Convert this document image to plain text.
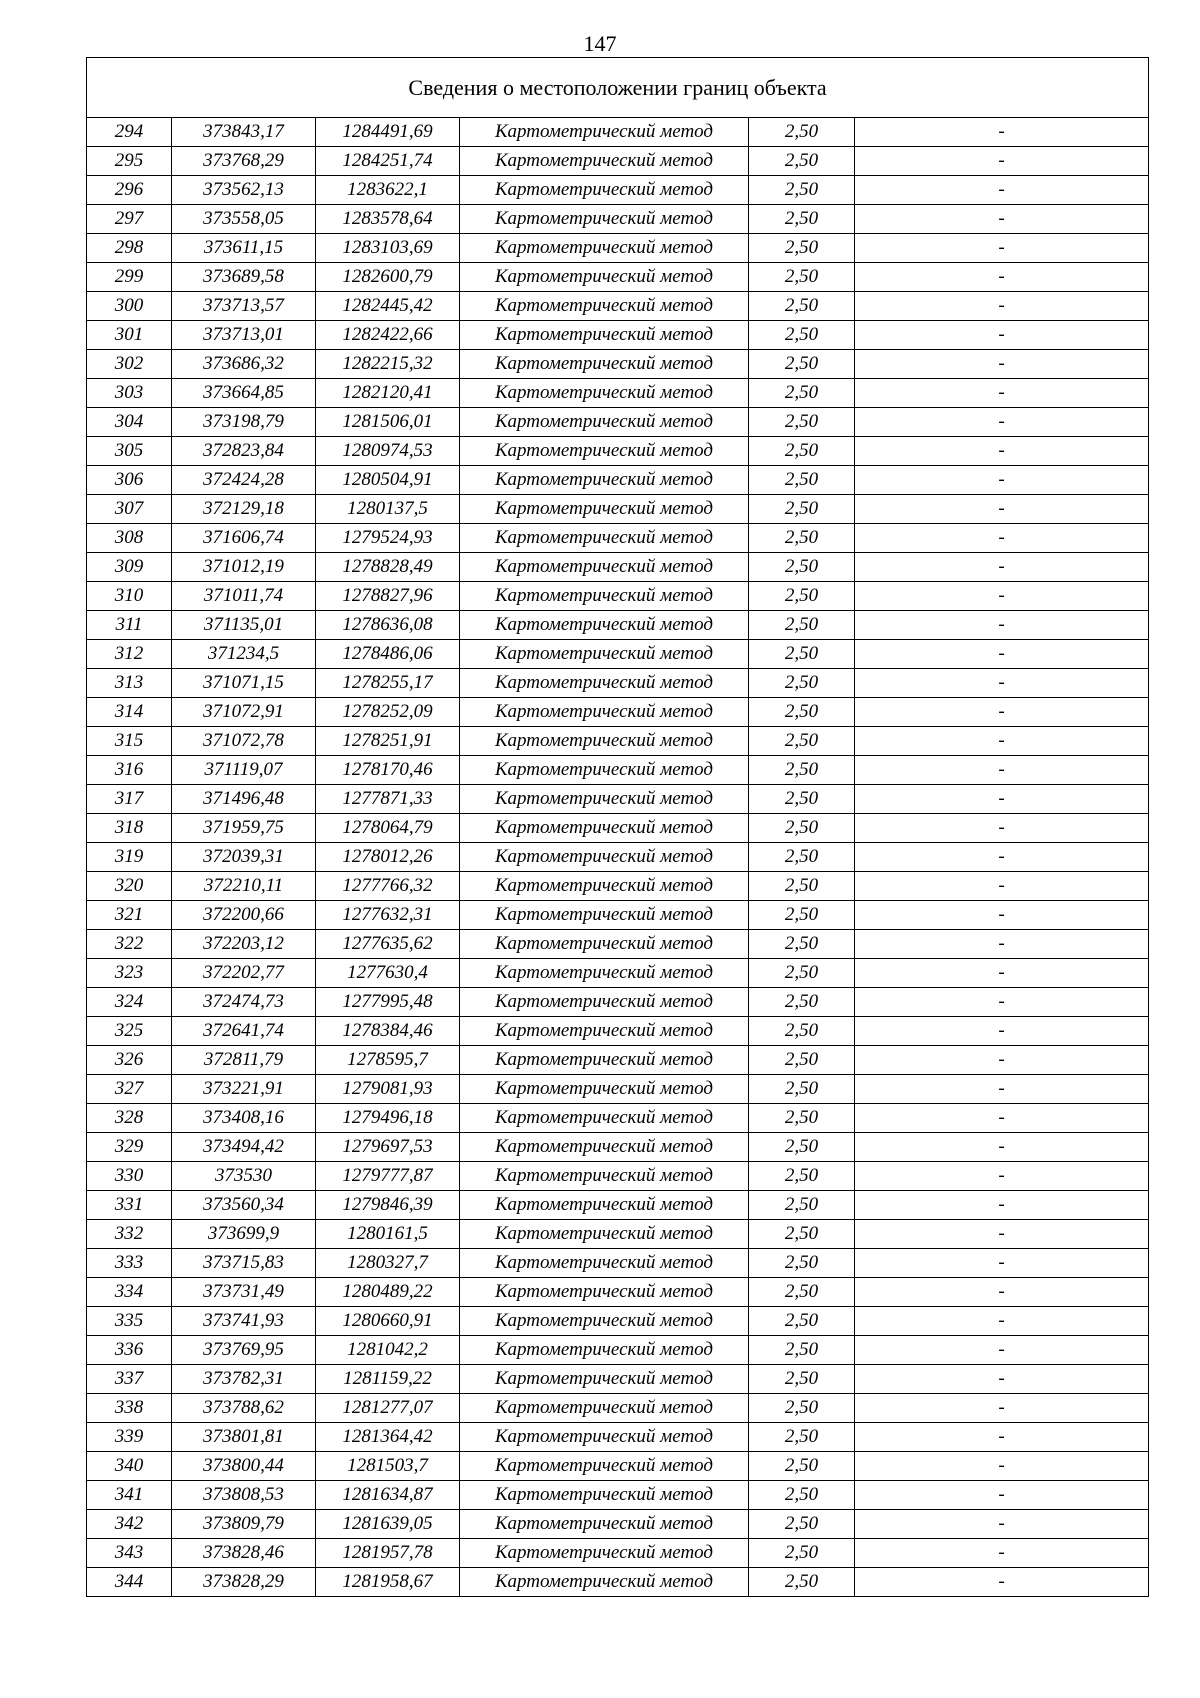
147
Сведения о местоположении границ объекта					
294	373843,17	1284491,69	Картометрический метод	2,50	-
295	373768,29	1284251,74	Картометрический метод	2,50	-
296	373562,13	1283622,1	Картометрический метод	2,50	-
297	373558,05	1283578,64	Картометрический метод	2,50	-
298	373611,15	1283103,69	Картометрический метод	2,50	-
299	373689,58	1282600,79	Картометрический метод	2,50	-
300	373713,57	1282445,42	Картометрический метод	2,50	-
301	373713,01	1282422,66	Картометрический метод	2,50	-
302	373686,32	1282215,32	Картометрический метод	2,50	-
303	373664,85	1282120,41	Картометрический метод	2,50	-
304	373198,79	1281506,01	Картометрический метод	2,50	-
305	372823,84	1280974,53	Картометрический метод	2,50	-
306	372424,28	1280504,91	Картометрический метод	2,50	-
307	372129,18	1280137,5	Картометрический метод	2,50	-
308	371606,74	1279524,93	Картометрический метод	2,50	-
309	371012,19	1278828,49	Картометрический метод	2,50	-
310	371011,74	1278827,96	Картометрический метод	2,50	-
311	371135,01	1278636,08	Картометрический метод	2,50	-
312	371234,5	1278486,06	Картометрический метод	2,50	-
313	371071,15	1278255,17	Картометрический метод	2,50	-
314	371072,91	1278252,09	Картометрический метод	2,50	-
315	371072,78	1278251,91	Картометрический метод	2,50	-
316	371119,07	1278170,46	Картометрический метод	2,50	-
317	371496,48	1277871,33	Картометрический метод	2,50	-
318	371959,75	1278064,79	Картометрический метод	2,50	-
319	372039,31	1278012,26	Картометрический метод	2,50	-
320	372210,11	1277766,32	Картометрический метод	2,50	-
321	372200,66	1277632,31	Картометрический метод	2,50	-
322	372203,12	1277635,62	Картометрический метод	2,50	-
323	372202,77	1277630,4	Картометрический метод	2,50	-
324	372474,73	1277995,48	Картометрический метод	2,50	-
325	372641,74	1278384,46	Картометрический метод	2,50	-
326	372811,79	1278595,7	Картометрический метод	2,50	-
327	373221,91	1279081,93	Картометрический метод	2,50	-
328	373408,16	1279496,18	Картометрический метод	2,50	-
329	373494,42	1279697,53	Картометрический метод	2,50	-
330	373530	1279777,87	Картометрический метод	2,50	-
331	373560,34	1279846,39	Картометрический метод	2,50	-
332	373699,9	1280161,5	Картометрический метод	2,50	-
333	373715,83	1280327,7	Картометрический метод	2,50	-
334	373731,49	1280489,22	Картометрический метод	2,50	-
335	373741,93	1280660,91	Картометрический метод	2,50	-
336	373769,95	1281042,2	Картометрический метод	2,50	-
337	373782,31	1281159,22	Картометрический метод	2,50	-
338	373788,62	1281277,07	Картометрический метод	2,50	-
339	373801,81	1281364,42	Картометрический метод	2,50	-
340	373800,44	1281503,7	Картометрический метод	2,50	-
341	373808,53	1281634,87	Картометрический метод	2,50	-
342	373809,79	1281639,05	Картометрический метод	2,50	-
343	373828,46	1281957,78	Картометрический метод	2,50	-
344	373828,29	1281958,67	Картометрический метод	2,50	-
